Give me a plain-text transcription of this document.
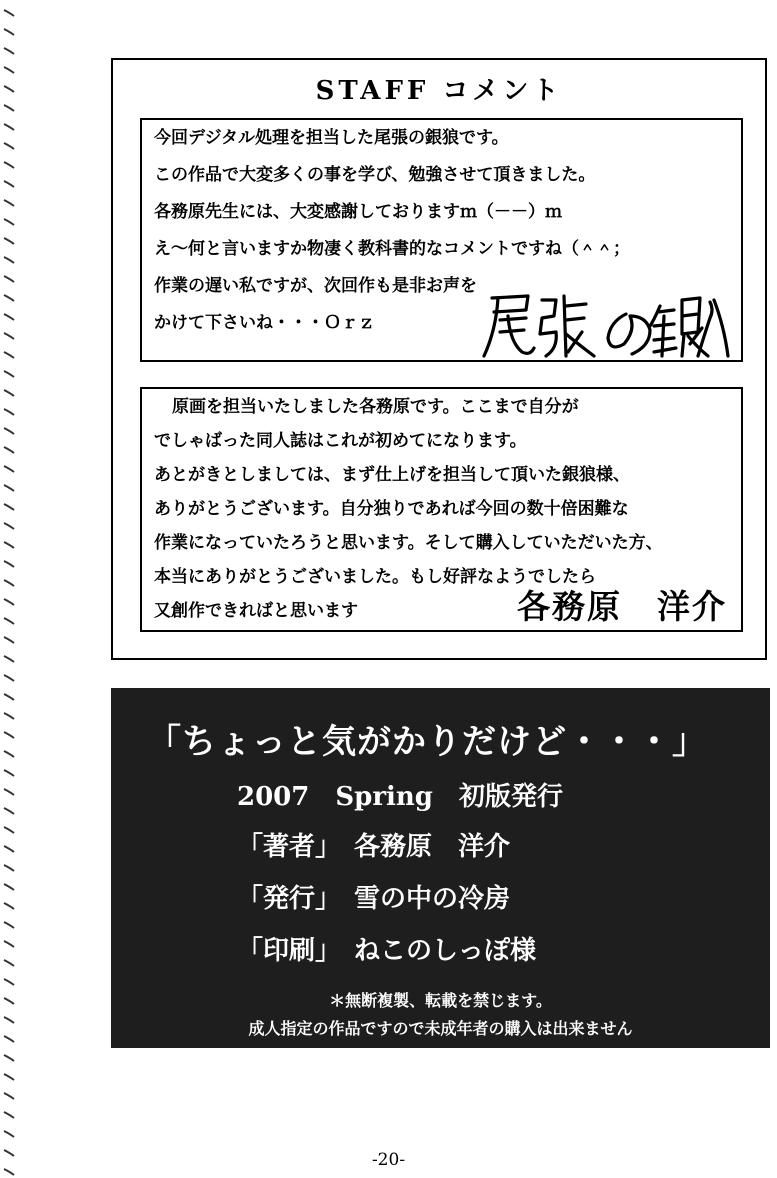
STAFF コメント
今回デジタル処理を担当した尾張の銀狼です。
この作品で大変多くの事を学び、勉強させて頂きました。
各務原先生には、大変感謝しておりますｍ（－－）ｍ
え～何と言いますか物凄く教科書的なコメントですね（＾＾；
作業の遅い私ですが、次回作も是非お声を
かけて下さいね・・・Ｏｒｚ
原画を担当いたしました各務原です。ここまで自分が
でしゃばった同人誌はこれが初めてになります。
あとがきとしましては、まず仕上げを担当して頂いた銀狼様、
ありがとうございます。自分独りであれば今回の数十倍困難な
作業になっていたろうと思います。そして購入していただいた方、
本当にありがとうございました。もし好評なようでしたら
又創作できればと思います	各務原　洋介
「ちょっと気がかりだけど・・・」
2007　Spring　初版発行
「著者」　各務原　洋介
「発行」　雪の中の冷房
「印刷」　ねこのしっぽ様
＊無断複製、転載を禁じます。
成人指定の作品ですので未成年者の購入は出来ません
-20-
